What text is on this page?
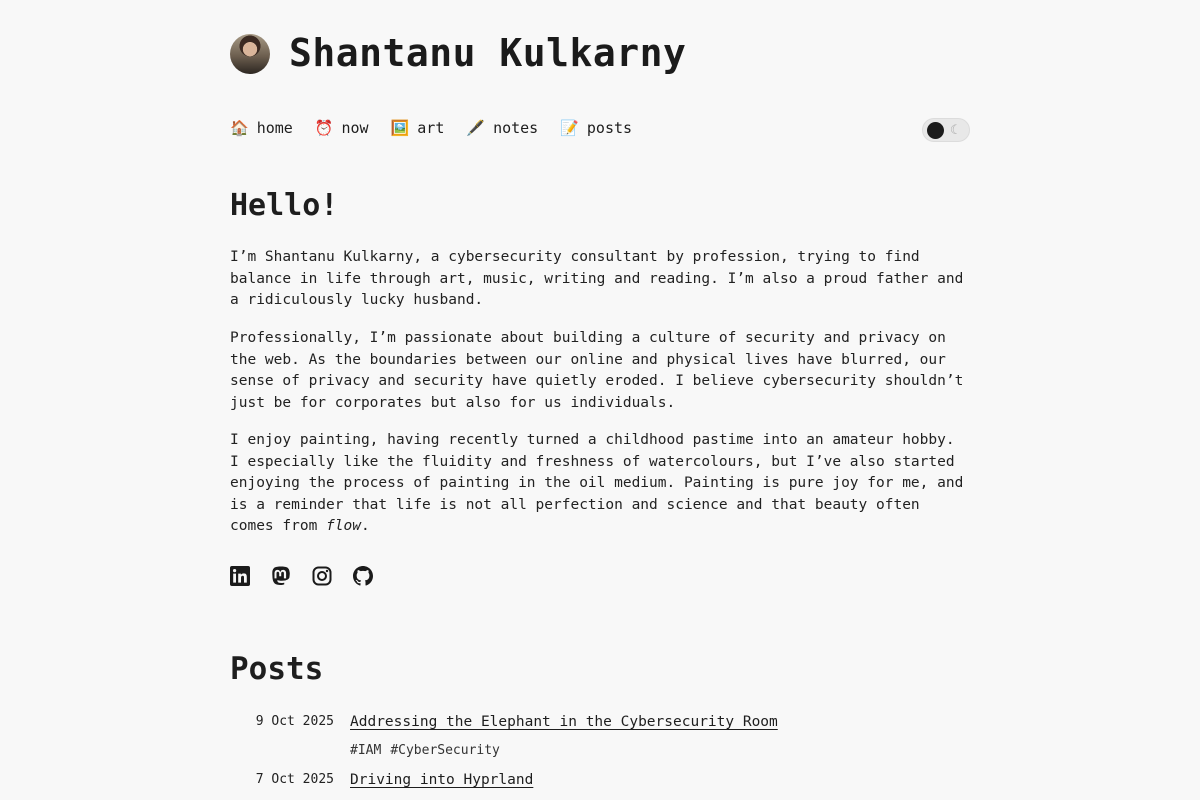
Shantanu Kulkarny
🏠 home ⏰ now 🖼️ art 🖋️ notes 📝 posts	☾
Hello!

I’m Shantanu Kulkarny, a cybersecurity consultant by profession, trying to find balance in life through art, music, writing and reading. I’m also a proud father and a ridiculously lucky husband.

Professionally, I’m passionate about building a culture of security and privacy on the web. As the boundaries between our online and physical lives have blurred, our sense of privacy and security have quietly eroded. I believe cybersecurity shouldn’t just be for corporates but also for us individuals.

I enjoy painting, having recently turned a childhood pastime into an amateur hobby. I especially like the fluidity and freshness of watercolours, but I’ve also started enjoying the process of painting in the oil medium. Painting is pure joy for me, and is a reminder that life is not all perfection and science and that beauty often comes from flow.

Posts
9 Oct 2025 Addressing the Elephant in the Cybersecurity Room
#IAM #CyberSecurity
7 Oct 2025 Driving into Hyprland
